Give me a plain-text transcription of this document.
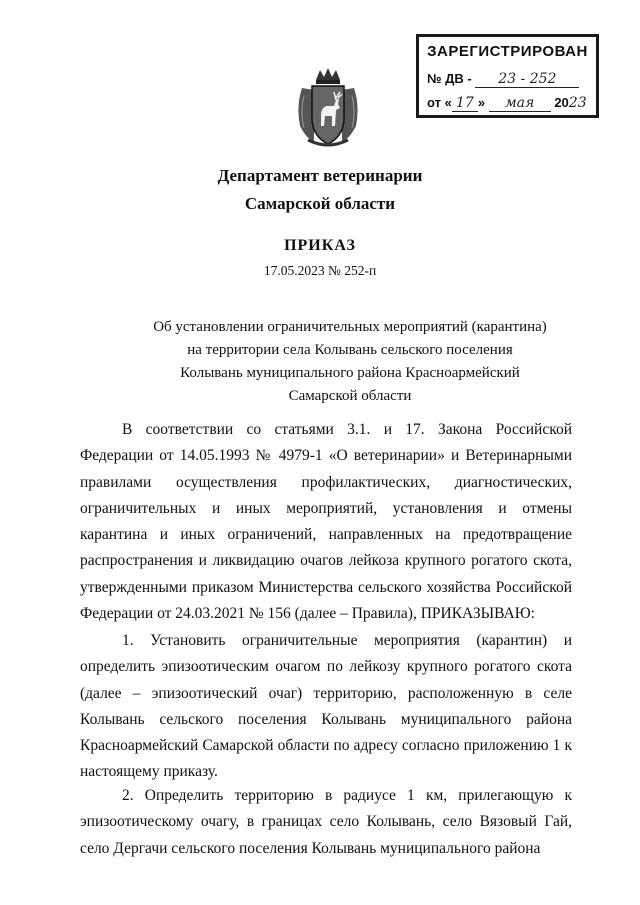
ЗАРЕГИСТРИРОВАН
№ ДВ - 23 - 252
от « 17 » мая 2023
Департамент ветеринарии
Самарской области
ПРИКАЗ
17.05.2023 № 252-п
Об установлении ограничительных мероприятий (карантина)
на территории села Колывань сельского поселения
Колывань муниципального района Красноармейский
Самарской области

В соответствии со статьями 3.1. и 17. Закона Российской Федерации от 14.05.1993 № 4979-1 «О ветеринарии» и Ветеринарными правилами осуществления профилактических, диагностических, ограничительных и иных мероприятий, установления и отмены карантина и иных ограничений, направленных на предотвращение распространения и ликвидацию очагов лейкоза крупного рогатого скота, утвержденными приказом Министерства сельского хозяйства Российской Федерации от 24.03.2021 № 156 (далее – Правила), ПРИКАЗЫВАЮ:

1. Установить ограничительные мероприятия (карантин) и определить эпизоотическим очагом по лейкозу крупного рогатого скота (далее – эпизоотический очаг) территорию, расположенную в селе Колывань сельского поселения Колывань муниципального района Красноармейский Самарской области по адресу согласно приложению 1 к настоящему приказу.

2. Определить территорию в радиусе 1 км, прилегающую к эпизоотическому очагу, в границах село Колывань, село Вязовый Гай, село Дергачи сельского поселения Колывань муниципального района
